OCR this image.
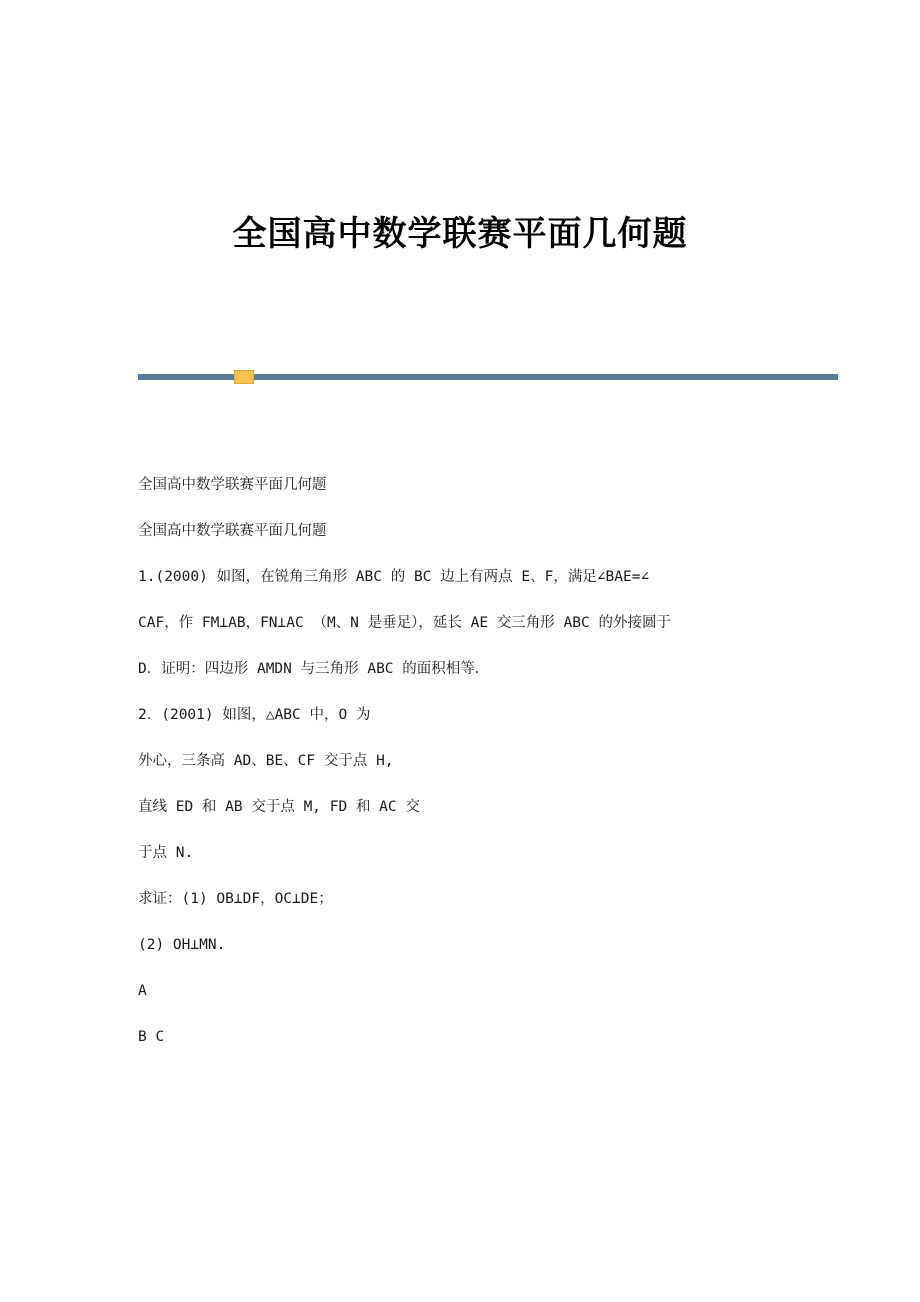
全国高中数学联赛平面几何题

全国高中数学联赛平面几何题

全国高中数学联赛平面几何题

1.(2000) 如图，在锐角三角形 ABC 的 BC 边上有两点 E、F，满足∠BAE=∠

CAF，作 FM⊥AB，FN⊥AC （M、N 是垂足），延长 AE 交三角形 ABC 的外接圆于

D．证明：四边形 AMDN 与三角形 ABC 的面积相等．

2．(2001) 如图，△ABC 中，O 为

外心，三条高 AD、BE、CF 交于点 H,

直线 ED 和 AB 交于点 M, FD 和 AC 交

于点 N.

求证：(1) OB⊥DF，OC⊥DE；

(2) OH⊥MN.

A

B C
